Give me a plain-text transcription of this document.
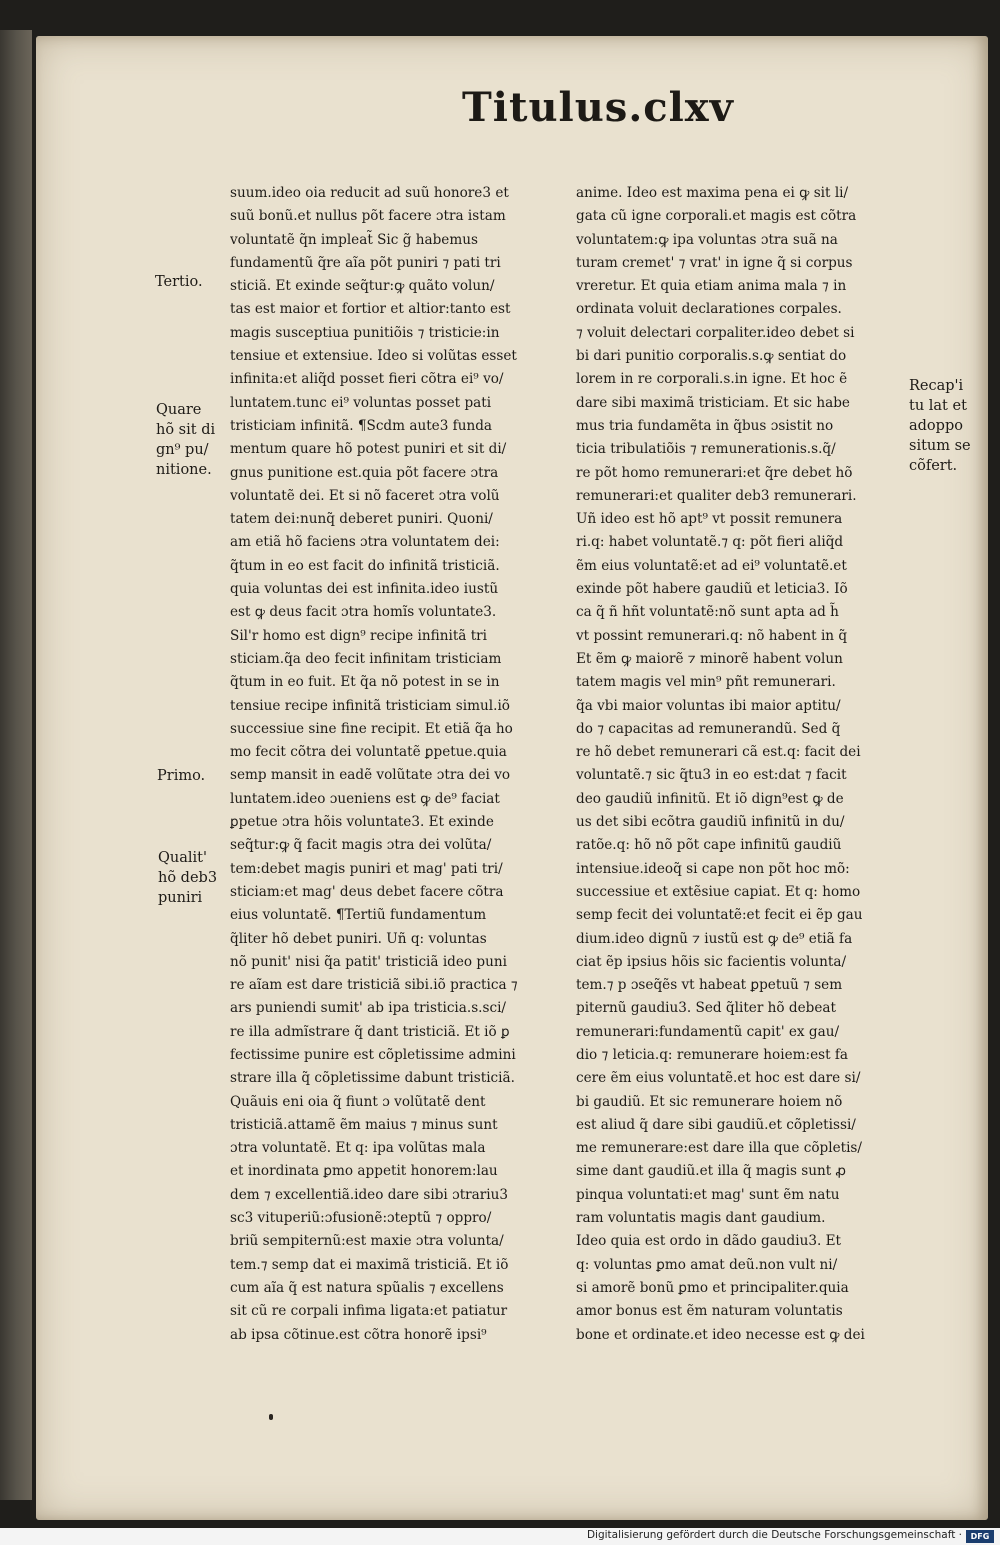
Titulus.clxv
suum.ideo oia reducit ad suũ honore3 et
suũ bonũ.et nullus põt facere ɔtra istam
voluntatẽ q̃n impleat̃ Sic g̃ habemus
fundamentũ q̃re aĩa põt puniri ⁊ pati tri
sticiã. Et exinde seq̃tur:ꝙ quãto volun/
tas est maior et fortior et altior:tanto est
magis susceptiua punitiõis ⁊ tristicie:in
tensiue et extensiue. Ideo si volũtas esset
infinita:et aliq̃d posset fieri cõtra ei⁹ vo/
luntatem.tunc ei⁹ voluntas posset pati
tristiciam infinitã. ¶Scdm aute3 funda
mentum quare hõ potest puniri et sit di/
gnus punitione est.quia põt facere ɔtra
voluntatẽ dei. Et si nõ faceret ɔtra volũ
tatem dei:nunq̃ deberet puniri. Quoni/
am etiã hõ faciens ɔtra voluntatem dei:
q̃tum in eo est facit do infinitã tristiciã.
quia voluntas dei est infinita.ideo iustũ
est ꝙ deus facit ɔtra homĩs voluntate3.
Sil'r homo est dign⁹ recipe infinitã tri
sticiam.q̃a deo fecit infinitam tristiciam
q̃tum in eo fuit. Et q̃a nõ potest in se in
tensiue recipe infinitã tristiciam simul.iõ
successiue sine fine recipit. Et etiã q̃a ho
mo fecit cõtra dei voluntatẽ ꝑpetue.quia
semp mansit in eadẽ volũtate ɔtra dei vo
luntatem.ideo ɔueniens est ꝙ de⁹ faciat
ꝑpetue ɔtra hõis voluntate3. Et exinde
seq̃tur:ꝙ q̃ facit magis ɔtra dei volũta/
tem:debet magis puniri et mag' pati tri/
sticiam:et mag' deus debet facere cõtra
eius voluntatẽ. ¶Tertiũ fundamentum
q̃liter hõ debet puniri. Uñ q: voluntas
nõ punit' nisi q̃a patit' tristiciã ideo puni
re aĩam est dare tristiciã sibi.iõ practica ⁊
ars puniendi sumit' ab ipa tristicia.s.sci/
re illa admĩstrare q̃ dant tristiciã. Et iõ ꝑ
fectissime punire est cõpletissime admini
strare illa q̃ cõpletissime dabunt tristiciã.
Quãuis eni oia q̃ fiunt ɔ volũtatẽ dent
tristiciã.attamẽ ẽm maius ⁊ minus sunt
ɔtra voluntatẽ. Et q: ipa volũtas mala
et inordinata ꝑmo appetit honorem:lau
dem ⁊ excellentiã.ideo dare sibi ɔtrariu3
sc3 vituperiũ:ɔfusionẽ:ɔteptũ ⁊ oppro/
briũ sempiternũ:est maxie ɔtra volunta/
tem.⁊ semp dat ei maximã tristiciã. Et iõ
cum aĩa q̃ est natura spũalis ⁊ excellens
sit cũ re corpali infima ligata:et patiatur
ab ipsa cõtinue.est cõtra honorẽ ipsi⁹
anime. Ideo est maxima pena ei ꝙ sit li/
gata cũ igne corporali.et magis est cõtra
voluntatem:ꝙ ipa voluntas ɔtra suã na
turam cremet' ⁊ vrat' in igne q̃ si corpus
vreretur. Et quia etiam anima mala ⁊ in
ordinata voluit declarationes corpales.
⁊ voluit delectari corpaliter.ideo debet si
bi dari punitio corporalis.s.ꝙ sentiat do
lorem in re corporali.s.in igne. Et hoc ẽ
dare sibi maximã tristiciam. Et sic habe
mus tria fundamẽta in q̃bus ɔsistit no
ticia tribulatiõis ⁊ remunerationis.s.q̃/
re põt homo remunerari:et q̃re debet hõ
remunerari:et qualiter deb3 remunerari.
Uñ ideo est hõ apt⁹ vt possit remunera
ri.q: habet voluntatẽ.⁊ q: põt fieri aliq̃d
ẽm eius voluntatẽ:et ad ei⁹ voluntatẽ.et
exinde põt habere gaudiũ et leticia3. Iõ
ca q̃ ñ hñt voluntatẽ:nõ sunt apta ad h̃
vt possint remunerari.q: nõ habent in q̃
Et ẽm ꝙ maiorẽ ⁊ minorẽ habent volun
tatem magis vel min⁹ pñt remunerari.
q̃a vbi maior voluntas ibi maior aptitu/
do ⁊ capacitas ad remunerandũ. Sed q̃
re hõ debet remunerari cã est.q: facit dei
voluntatẽ.⁊ sic q̃tu3 in eo est:dat ⁊ facit
deo gaudiũ infinitũ. Et iõ dign⁹est ꝙ de
us det sibi ecõtra gaudiũ infinitũ in du/
ratõe.q: hõ nõ põt cape infinitũ gaudiũ
intensiue.ideoq̃ si cape non põt hoc mõ:
successiue et extẽsiue capiat. Et q: homo
semp fecit dei voluntatẽ:et fecit ei ẽp gau
dium.ideo dignũ ⁊ iustũ est ꝙ de⁹ etiã fa
ciat ẽp ipsius hõis sic facientis volunta/
tem.⁊ p ɔseq̃ẽs vt habeat ꝑpetuũ ⁊ sem
piternũ gaudiu3. Sed q̃liter hõ debeat
remunerari:fundamentũ capit' ex gau/
dio ⁊ leticia.q: remunerare hoiem:est fa
cere ẽm eius voluntatẽ.et hoc est dare si/
bi gaudiũ. Et sic remunerare hoiem nõ
est aliud q̃ dare sibi gaudiũ.et cõpletissi/
me remunerare:est dare illa que cõpletis/
sime dant gaudiũ.et illa q̃ magis sunt ꝓ
pinqua voluntati:et mag' sunt ẽm natu
ram voluntatis magis dant gaudium.
Ideo quia est ordo in dãdo gaudiu3. Et
q: voluntas ꝑmo amat deũ.non vult ni/
si amorẽ bonũ ꝑmo et principaliter.quia
amor bonus est ẽm naturam voluntatis
bone et ordinate.et ideo necesse est ꝙ dei
Tertio.
Quare
hõ sit di
gn⁹ pu/
nitione.
Primo.
Qualit'
hõ deb3
puniri
Recap'i
tu lat et
adoppo
situm se
cõfert.
Digitalisierung gefördert durch die Deutsche Forschungsgemeinschaft ·	DFG
